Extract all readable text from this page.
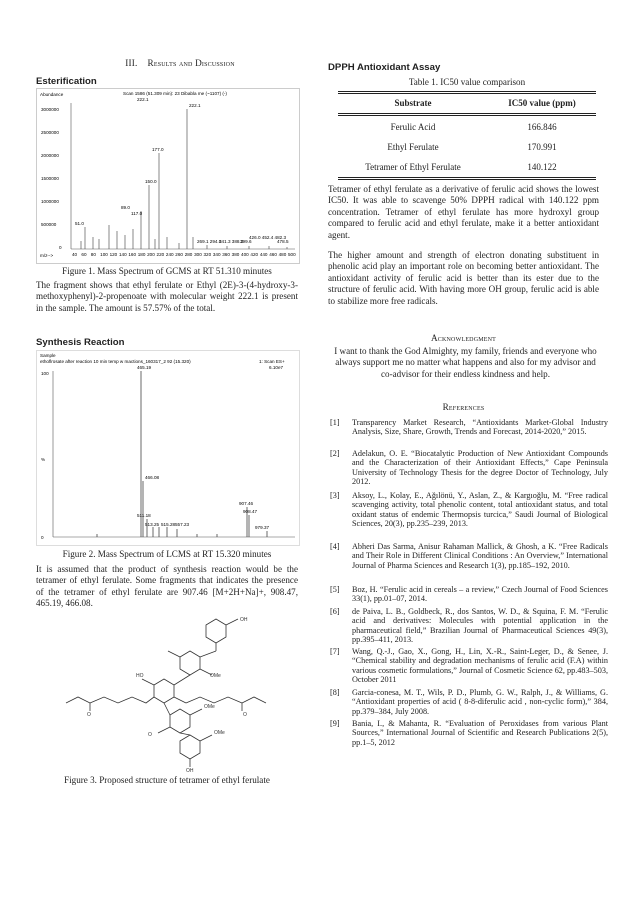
III.    Results and Discussion
Esterification
Abundance	Scan 1586 (51.309 min): 23 Dibabla me (~1107) (-)
222.1
3000000
2500000
2000000
1500000
1000000
500000
0
222.1
177.0
150.0
89.0
117.0
51.0
269.1 294.0
341.3 388.2
399.6
426.0 452.4 482.3
478.5
m/z-->	40 60 80 100 120 140 160 180 200 220 240 260 280 300 320 340 360 380 400 420 440 460 480 500
Figure 1. Mass Spectrum of GCMS at RT 51.310 minutes
The fragment shows that ethyl ferulate or Ethyl (2E)-3-(4-hydroxy-3-methoxyphenyl)-2-propenoate with molecular weight 222.1 is present in the sample. The amount is 57.57% of the total.
Synthesis Reaction
Sample
ethoflrosate after reaction 10 min temp w mactions_160317_2 92 (15.320)	1: Scan ES+
6.10e7
465.19
100
%
0
466.08
511.18
513.25 515.28 557.23
907.46
908.47
979.37
Figure 2. Mass Spectrum of LCMS at RT 15.320 minutes
It is assumed that the product of synthesis reaction would be the tetramer of ethyl ferulate. Some fragments that indicates the presence of the tetramer of ethyl ferulate are 907.46 [M+2H+Na]+, 908.47, 465.19, 466.08.
OH
OMe
O
O
HO
O
OMe
OH
OMe
Figure 3. Proposed structure of tetramer of ethyl ferulate
DPPH Antioxidant Assay
Table 1. IC50 value comparison
Substrate	IC50 value (ppm)
Ferulic Acid	166.846
Ethyl Ferulate	170.991
Tetramer of Ethyl Ferulate	140.122
Tetramer of ethyl ferulate as a derivative of ferulic acid shows the lowest IC50. It was able to scavenge 50% DPPH radical with 140.122 ppm concentration. Tetramer of ethyl ferulate has more hydroxyl group compared to ferulic acid and ethyl ferulate, make it a better antioxidant agent.
The higher amount and strength of electron donating substituent in phenolic acid play an important role on becoming better antioxidant. The antioxidant activity of ferulic acid is better than its ester due to the structure of ferulic acid. With having more OH group, ferulic acid is able to stabilize more free radicals.
Acknowledgment
I want to thank the God Almighty, my family, friends and everyone who always support me no matter what happens and also for my advisor and co-advisor for their endless kindness and help.
References
[1]	Transparency Market Research, “Antioxidants Market-Global Industry Analysis, Size, Share, Growth, Trends and Forecast, 2014-2020,” 2015.
[2]	Adelakun, O. E. “Biocatalytic Production of New Antioxidant Compounds and the Characterization of their Antioxidant Effects,” Cape Peninsula University of Technology Thesis for the degree Doctor of Technology, July 2012.
[3]	Aksoy, L., Kolay, E., Ağılönü, Y., Aslan, Z., & Kargıoğlu, M. “Free radical scavenging activity, total phenolic content, total antioxidant status, and total oxidant status of endemic Thermopsis turcica,” Saudi Journal of Biological Sciences, 20(3), pp.235–239, 2013.
[4]	Abheri Das Sarma, Anisur Rahaman Mallick, & Ghosh, a K. “Free Radicals and Their Role in Different Clinical Conditions : An Overview,” International Journal of Pharma Sciences and Research 1(3), pp.185–192, 2010.
[5]	Boz, H. “Ferulic acid in cereals – a review,” Czech Journal of Food Sciences 33(1), pp.01–07, 2014.
[6]	de Paiva, L. B., Goldbeck, R., dos Santos, W. D., & Squina, F. M. “Ferulic acid and derivatives: Molecules with potential application in the pharmaceutical field,” Brazilian Journal of Pharmaceutical Sciences 49(3), pp.395–411, 2013.
[7]	Wang, Q.-J., Gao, X., Gong, H., Lin, X.-R., Saint-Leger, D., & Senee, J. “Chemical stability and degradation mechanisms of ferulic acid (F.A) within various cosmetic formulations,” Journal of Cosmetic Science 62, pp.483–503, October 2011
[8]	Garcia-conesa, M. T., Wils, P. D., Plumb, G. W., Ralph, J., & Williams, G. “Antioxidant properties of acid ( 8-8-diferulic acid , non-cyclic form),” 384, pp.379–384, July 2008.
[9]	Bania, I., & Mahanta, R. “Evaluation of Peroxidases from various Plant Sources,” International Journal of Scientific and Research Publications 2(5), pp.1–5, 2012
